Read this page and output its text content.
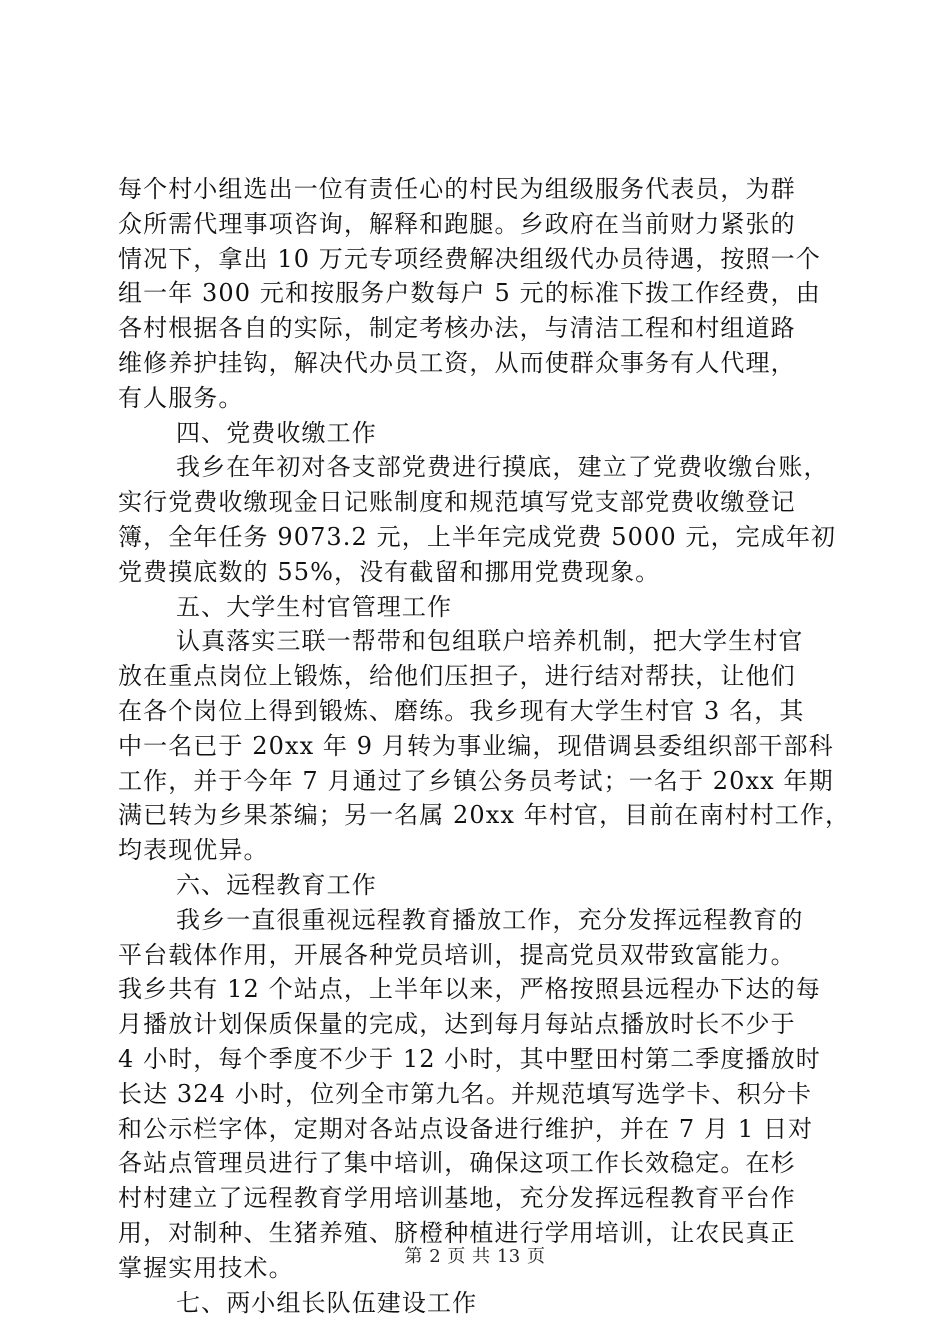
每个村小组选出一位有责任心的村民为组级服务代表员，为群
众所需代理事项咨询，解释和跑腿。乡政府在当前财力紧张的
情况下，拿出 10 万元专项经费解决组级代办员待遇，按照一个
组一年 300 元和按服务户数每户 5 元的标准下拨工作经费，由
各村根据各自的实际，制定考核办法，与清洁工程和村组道路
维修养护挂钩，解决代办员工资，从而使群众事务有人代理，
有人服务。
四、党费收缴工作
我乡在年初对各支部党费进行摸底，建立了党费收缴台账，
实行党费收缴现金日记账制度和规范填写党支部党费收缴登记
簿，全年任务 9073.2 元，上半年完成党费 5000 元，完成年初
党费摸底数的 55%，没有截留和挪用党费现象。
五、大学生村官管理工作
认真落实三联一帮带和包组联户培养机制，把大学生村官
放在重点岗位上锻炼，给他们压担子，进行结对帮扶，让他们
在各个岗位上得到锻炼、磨练。我乡现有大学生村官 3 名，其
中一名已于 20xx 年 9 月转为事业编，现借调县委组织部干部科
工作，并于今年 7 月通过了乡镇公务员考试；一名于 20xx 年期
满已转为乡果茶编；另一名属 20xx 年村官，目前在南村村工作，
均表现优异。
六、远程教育工作
我乡一直很重视远程教育播放工作，充分发挥远程教育的
平台载体作用，开展各种党员培训，提高党员双带致富能力。
我乡共有 12 个站点，上半年以来，严格按照县远程办下达的每
月播放计划保质保量的完成，达到每月每站点播放时长不少于
4 小时，每个季度不少于 12 小时，其中墅田村第二季度播放时
长达 324 小时，位列全市第九名。并规范填写选学卡、积分卡
和公示栏字体，定期对各站点设备进行维护，并在 7 月 1 日对
各站点管理员进行了集中培训，确保这项工作长效稳定。在杉
村村建立了远程教育学用培训基地，充分发挥远程教育平台作
用，对制种、生猪养殖、脐橙种植进行学用培训，让农民真正
掌握实用技术。
七、两小组长队伍建设工作
第 2 页 共 13 页
